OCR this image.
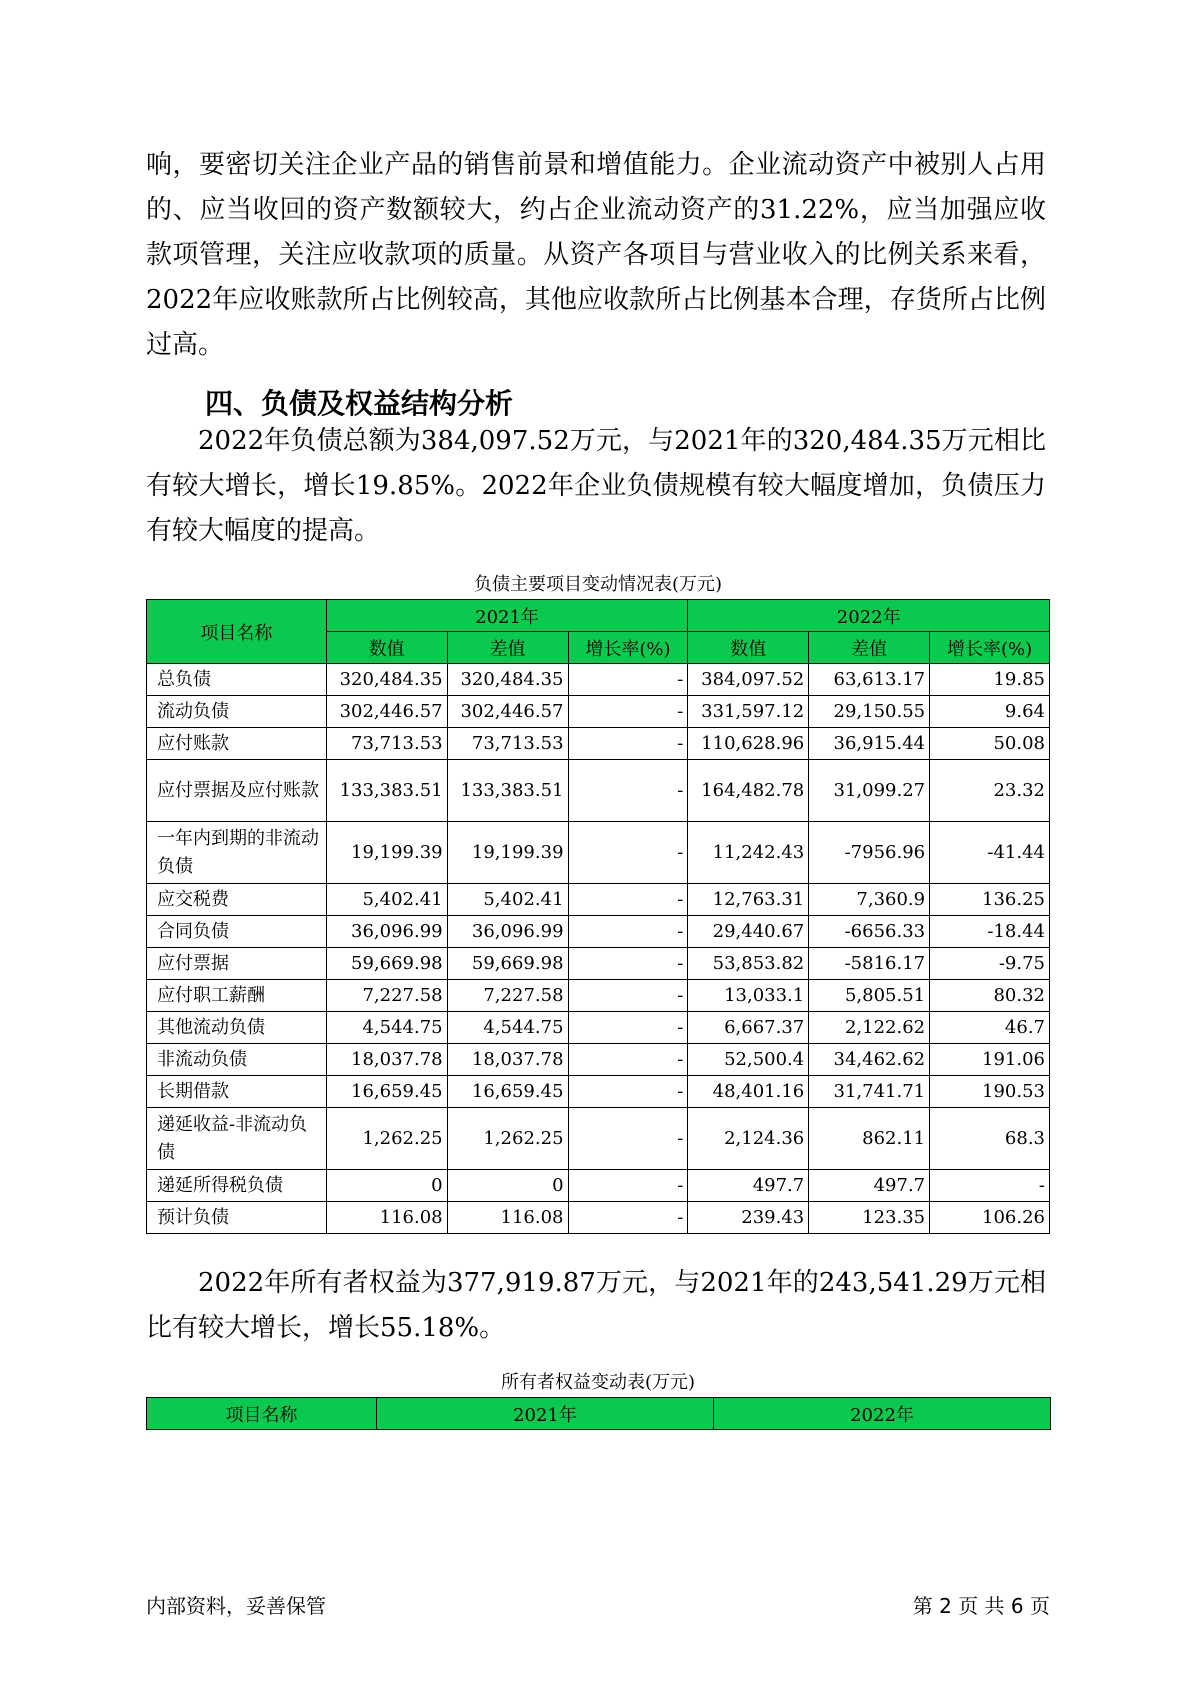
响，要密切关注企业产品的销售前景和增值能力。企业流动资产中被别人占用的、应当收回的资产数额较大，约占企业流动资产的31.22%，应当加强应收款项管理，关注应收款项的质量。从资产各项目与营业收入的比例关系来看，2022年应收账款所占比例较高，其他应收款所占比例基本合理，存货所占比例过高。

四、负债及权益结构分析

2022年负债总额为384,097.52万元，与2021年的320,484.35万元相比有较大增长，增长19.85%。2022年企业负债规模有较大幅度增加，负债压力有较大幅度的提高。

负债主要项目变动情况表(万元)
项目名称	2021年			2022年		
	数值	差值	增长率(%)	数值	差值	增长率(%)
总负债	320,484.35	320,484.35	-	384,097.52	63,613.17	19.85
流动负债	302,446.57	302,446.57	-	331,597.12	29,150.55	9.64
应付账款	73,713.53	73,713.53	-	110,628.96	36,915.44	50.08
应付票据及应付账款	133,383.51	133,383.51	-	164,482.78	31,099.27	23.32
一年内到期的非流动负债	19,199.39	19,199.39	-	11,242.43	-7956.96	-41.44
应交税费	5,402.41	5,402.41	-	12,763.31	7,360.9	136.25
合同负债	36,096.99	36,096.99	-	29,440.67	-6656.33	-18.44
应付票据	59,669.98	59,669.98	-	53,853.82	-5816.17	-9.75
应付职工薪酬	7,227.58	7,227.58	-	13,033.1	5,805.51	80.32
其他流动负债	4,544.75	4,544.75	-	6,667.37	2,122.62	46.7
非流动负债	18,037.78	18,037.78	-	52,500.4	34,462.62	191.06
长期借款	16,659.45	16,659.45	-	48,401.16	31,741.71	190.53
递延收益-非流动负债	1,262.25	1,262.25	-	2,124.36	862.11	68.3
递延所得税负债	0	0	-	497.7	497.7	-
预计负债	116.08	116.08	-	239.43	123.35	106.26

2022年所有者权益为377,919.87万元，与2021年的243,541.29万元相比有较大增长，增长55.18%。

所有者权益变动表(万元)
项目名称	2021年	2022年
内部资料，妥善保管	第 2 页 共 6 页
